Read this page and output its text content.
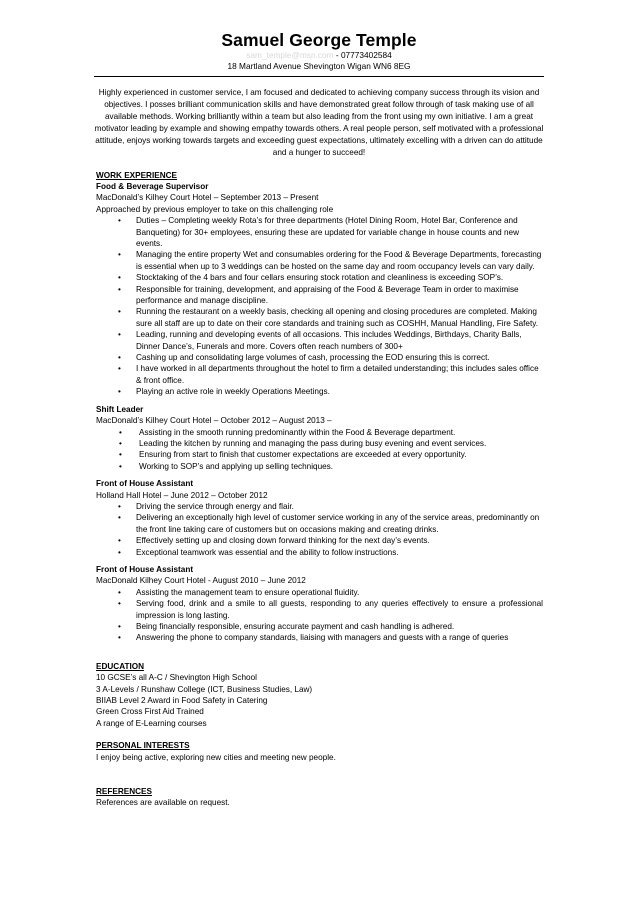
Samuel George Temple
sam_temple@msn.com - 07773402584
18 Martland Avenue Shevington Wigan WN6 8EG
Highly experienced in customer service, I am focused and dedicated to achieving company success through its vision and objectives. I posses brilliant communication skills and have demonstrated great follow through of task making use of all available methods. Working brilliantly within a team but also leading from the front using my own initiative. I am a great motivator leading by example and showing empathy towards others. A real people person, self motivated with a professional attitude, enjoys working towards targets and exceeding guest expectations, ultimately excelling with a driven can do attitude and a hunger to succeed!
WORK EXPERIENCE
Food & Beverage Supervisor
MacDonald’s Kilhey Court Hotel – September 2013 – Present
Approached by previous employer to take on this challenging role
• Duties – Completing weekly Rota’s for three departments (Hotel Dining Room, Hotel Bar, Conference and Banqueting) for 30+ employees, ensuring these are updated for variable change in house counts and new events.
• Managing the entire property Wet and consumables ordering for the Food & Beverage Departments, forecasting is essential when up to 3 weddings can be hosted on the same day and room occupancy levels can vary daily.
• Stocktaking of the 4 bars and four cellars ensuring stock rotation and cleanliness is exceeding SOP’s.
• Responsible for training, development, and appraising of the Food & Beverage Team in order to maximise performance and manage discipline.
• Running the restaurant on a weekly basis, checking all opening and closing procedures are completed. Making sure all staff are up to date on their core standards and training such as COSHH, Manual Handling, Fire Safety.
• Leading, running and developing events of all occasions. This includes Weddings, Birthdays, Charity Balls, Dinner Dance’s, Funerals and more. Covers often reach numbers of 300+
• Cashing up and consolidating large volumes of cash, processing the EOD ensuring this is correct.
• I have worked in all departments throughout the hotel to firm a detailed understanding; this includes sales office & front office.
• Playing an active role in weekly Operations Meetings.
Shift Leader
MacDonald’s Kilhey Court Hotel – October 2012 – August 2013 –
• Assisting in the smooth running predominantly within the Food & Beverage department.
• Leading the kitchen by running and managing the pass during busy evening and event services.
• Ensuring from start to finish that customer expectations are exceeded at every opportunity.
• Working to SOP’s and applying up selling techniques.
Front of House Assistant
Holland Hall Hotel – June 2012 – October 2012
• Driving the service through energy and flair.
• Delivering an exceptionally high level of customer service working in any of the service areas, predominantly on the front line taking care of customers but on occasions making and creating drinks.
• Effectively setting up and closing down forward thinking for the next day’s events.
• Exceptional teamwork was essential and the ability to follow instructions.
Front of House Assistant
MacDonald Kilhey Court Hotel - August 2010 – June 2012
• Assisting the management team to ensure operational fluidity.
• Serving food, drink and a smile to all guests, responding to any queries effectively to ensure a professional impression is long lasting.
• Being financially responsible, ensuring accurate payment and cash handling is adhered.
• Answering the phone to company standards, liaising with managers and guests with a range of queries
EDUCATION
10 GCSE’s all A-C / Shevington High School
3 A-Levels / Runshaw College (ICT, Business Studies, Law)
BIIAB Level 2 Award in Food Safety in Catering
Green Cross First Aid Trained
A range of E-Learning courses
PERSONAL INTERESTS
I enjoy being active, exploring new cities and meeting new people.
REFERENCES
References are available on request.
